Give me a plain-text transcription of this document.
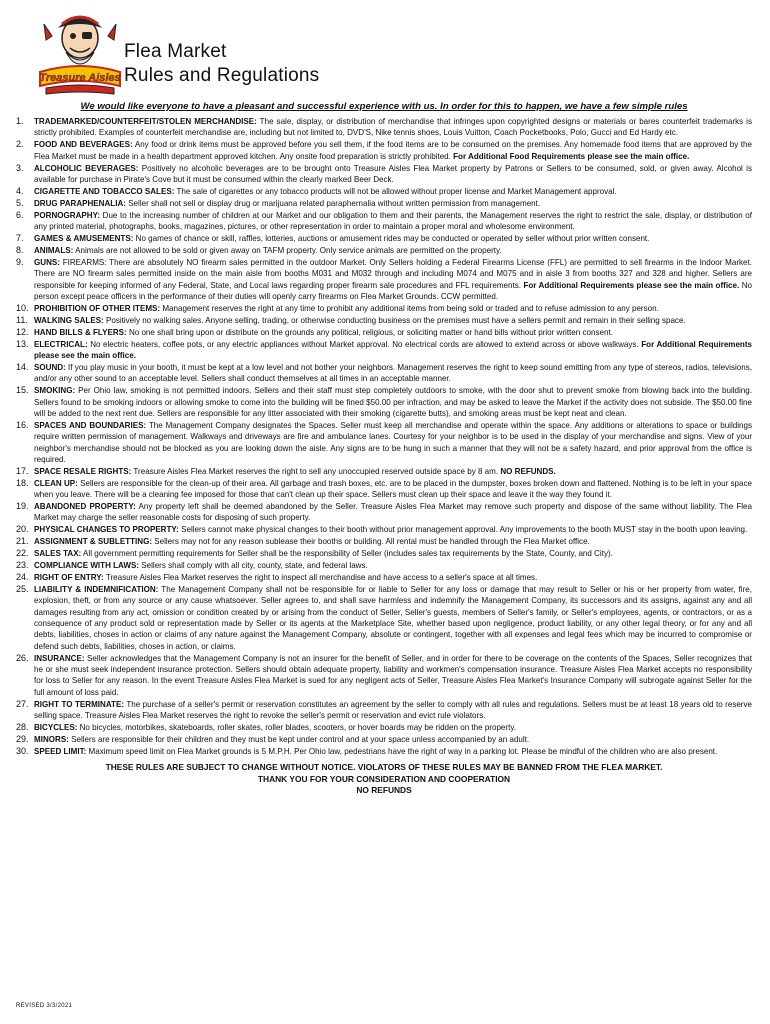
Treasure Aisles
Flea Market
Rules and Regulations
We would like everyone to have a pleasant and successful experience with us. In order for this to happen, we have a few simple rules
1. TRADEMARKED/COUNTERFEIT/STOLEN MERCHANDISE: The sale, display, or distribution of merchandise that infringes upon copyrighted designs or materials or bares counterfeit trademarks is strictly prohibited. Examples of counterfeit merchandise are, including but not limited to, DVD'S, Nike tennis shoes, Louis Vuitton, Coach Pocketbooks, Polo, Gucci and Ed Hardy etc.
2. FOOD AND BEVERAGES: Any food or drink items must be approved before you sell them, if the food items are to be consumed on the premises. Any homemade food items that are approved by the Flea Market must be made in a health department approved kitchen. Any onsite food preparation is strictly prohibited. For Additional Food Requirements please see the main office.
3. ALCOHOLIC BEVERAGES: Positively no alcoholic beverages are to be brought onto Treasure Aisles Flea Market property by Patrons or Sellers to be consumed, sold, or given away. Alcohol is available for purchase in Pirate's Cove but it must be consumed within the clearly marked Beer Deck.
4. CIGARETTE AND TOBACCO SALES: The sale of cigarettes or any tobacco products will not be allowed without proper license and Market Management approval.
5. DRUG PARAPHENALIA: Seller shall not sell or display drug or marijuana related paraphernalia without written permission from management.
6. PORNOGRAPHY: Due to the increasing number of children at our Market and our obligation to them and their parents, the Management reserves the right to restrict the sale, display, or distribution of any printed material, photographs, books, magazines, pictures, or other representation in order to maintain a proper moral and wholesome environment.
7. GAMES & AMUSEMENTS: No games of chance or skill, raffles, lotteries, auctions or amusement rides may be conducted or operated by seller without prior written consent.
8. ANIMALS: Animals are not allowed to be sold or given away on TAFM property. Only service animals are permitted on the property.
9. GUNS: FIREARMS: There are absolutely NO firearm sales permitted in the outdoor Market. Only Sellers holding a Federal Firearms License (FFL) are permitted to sell firearms in the Indoor Market. There are NO firearm sales permitted inside on the main aisle from booths M031 and M032 through and including M074 and M075 and in aisle 3 from booths 327 and 328 and higher. Sellers are responsible for keeping informed of any Federal, State, and Local laws regarding proper firearm sale procedures and FFL requirements. For Additional Requirements please see the main office. No person except peace officers in the performance of their duties will openly carry firearms on Flea Market Grounds. CCW permitted.
10. PROHIBITION OF OTHER ITEMS: Management reserves the right at any time to prohibit any additional items from being sold or traded and to refuse admission to any person.
11. WALKING SALES: Positively no walking sales. Anyone selling, trading, or otherwise conducting business on the premises must have a sellers permit and remain in their selling space.
12. HAND BILLS & FLYERS: No one shall bring upon or distribute on the grounds any political, religious, or soliciting matter or hand bills without prior written consent.
13. ELECTRICAL: No electric heaters, coffee pots, or any electric appliances without Market approval. No electrical cords are allowed to extend across or above walkways. For Additional Requirements please see the main office.
14. SOUND: If you play music in your booth, it must be kept at a low level and not bother your neighbors. Management reserves the right to keep sound emitting from any type of stereos, radios, televisions, and/or any other sound to an acceptable level. Sellers shall conduct themselves at all times in an acceptable manner.
15. SMOKING: Per Ohio law, smoking is not permitted indoors. Sellers and their staff must step completely outdoors to smoke, with the door shut to prevent smoke from blowing back into the building. Sellers found to be smoking indoors or allowing smoke to come into the building will be fined $50.00 per infraction, and may be asked to leave the Market if the activity does not subside. The $50.00 fine will be added to the next rent due. Sellers are responsible for any litter associated with their smoking (cigarette butts), and smoking areas must be kept neat and clean.
16. SPACES AND BOUNDARIES: The Management Company designates the Spaces. Seller must keep all merchandise and operate within the space. Any additions or alterations to space or buildings require written permission of management. Walkways and driveways are fire and ambulance lanes. Courtesy for your neighbor is to be used in the display of your merchandise and signs. View of your neighbor's merchandise should not be blocked as you are looking down the aisle. Any signs are to be hung in such a manner that they will not be a safety hazard, and prior approval from the office is required.
17. SPACE RESALE RIGHTS: Treasure Aisles Flea Market reserves the right to sell any unoccupied reserved outside space by 8 am. NO REFUNDS.
18. CLEAN UP: Sellers are responsible for the clean-up of their area. All garbage and trash boxes, etc. are to be placed in the dumpster, boxes broken down and flattened. Nothing is to be left in your space when you leave. There will be a cleaning fee imposed for those that can't clean up their space. Sellers must clean up their space and leave it the way they found it.
19. ABANDONED PROPERTY: Any property left shall be deemed abandoned by the Seller. Treasure Aisles Flea Market may remove such property and dispose of the same without liability. The Flea Market may charge the seller reasonable costs for disposing of such property.
20. PHYSICAL CHANGES TO PROPERTY: Sellers cannot make physical changes to their booth without prior management approval. Any improvements to the booth MUST stay in the booth upon leaving.
21. ASSIGNMENT & SUBLETTING: Sellers may not for any reason sublease their booths or building. All rental must be handled through the Flea Market office.
22. SALES TAX: All government permitting requirements for Seller shall be the responsibility of Seller (includes sales tax requirements by the State, County, and City).
23. COMPLIANCE WITH LAWS: Sellers shall comply with all city, county, state, and federal laws.
24. RIGHT OF ENTRY: Treasure Aisles Flea Market reserves the right to inspect all merchandise and have access to a seller's space at all times.
25. LIABILITY & INDEMNIFICATION: The Management Company shall not be responsible for or liable to Seller for any loss or damage that may result to Seller or his or her property from water, fire, explosion, theft, or from any source or any cause whatsoever. Seller agrees to, and shall save harmless and indemnify the Management Company, its successors and its assigns, against any and all damages resulting from any act, omission or condition created by or arising from the conduct of Seller, Seller's guests, members of Seller's family, or Seller's employees, agents, or contractors, or as a consequence of any product sold or representation made by Seller or its agents at the Marketplace Site, whether based upon negligence, product liability, or any other legal theory, or for any and all debts, liabilities, choses in action or claims of any nature against the Management Company, absolute or contingent, together with all expenses and legal fees which may be incurred to compromise or defend such debts, liabilities, choses in action, or claims.
26. INSURANCE: Seller acknowledges that the Management Company is not an insurer for the benefit of Seller, and in order for there to be coverage on the contents of the Spaces, Seller recognizes that he or she must seek independent insurance protection. Sellers should obtain adequate property, liability and workmen's compensation insurance. Treasure Aisles Flea Market accepts no responsibility for loss to Seller for any reason. In the event Treasure Aisles Flea Market is sued for any negligent acts of Seller, Treasure Aisles Flea Market's Insurance Company will subrogate against Seller for the full amount of loss paid.
27. RIGHT TO TERMINATE: The purchase of a seller's permit or reservation constitutes an agreement by the seller to comply with all rules and regulations. Sellers must be at least 18 years old to reserve selling space. Treasure Aisles Flea Market reserves the right to revoke the seller's permit or reservation and evict rule violators.
28. BICYCLES: No bicycles, motorbikes, skateboards, roller skates, roller blades, scooters, or hover boards may be ridden on the property.
29. MINORS: Sellers are responsible for their children and they must be kept under control and at your space unless accompanied by an adult.
30. SPEED LIMIT: Maximum speed limit on Flea Market grounds is 5 M.P.H. Per Ohio law, pedestrians have the right of way in a parking lot. Please be mindful of the children who are also present.
THESE RULES ARE SUBJECT TO CHANGE WITHOUT NOTICE. VIOLATORS OF THESE RULES MAY BE BANNED FROM THE FLEA MARKET.
THANK YOU FOR YOUR CONSIDERATION AND COOPERATION
NO REFUNDS
REVISED 3/3/2021
